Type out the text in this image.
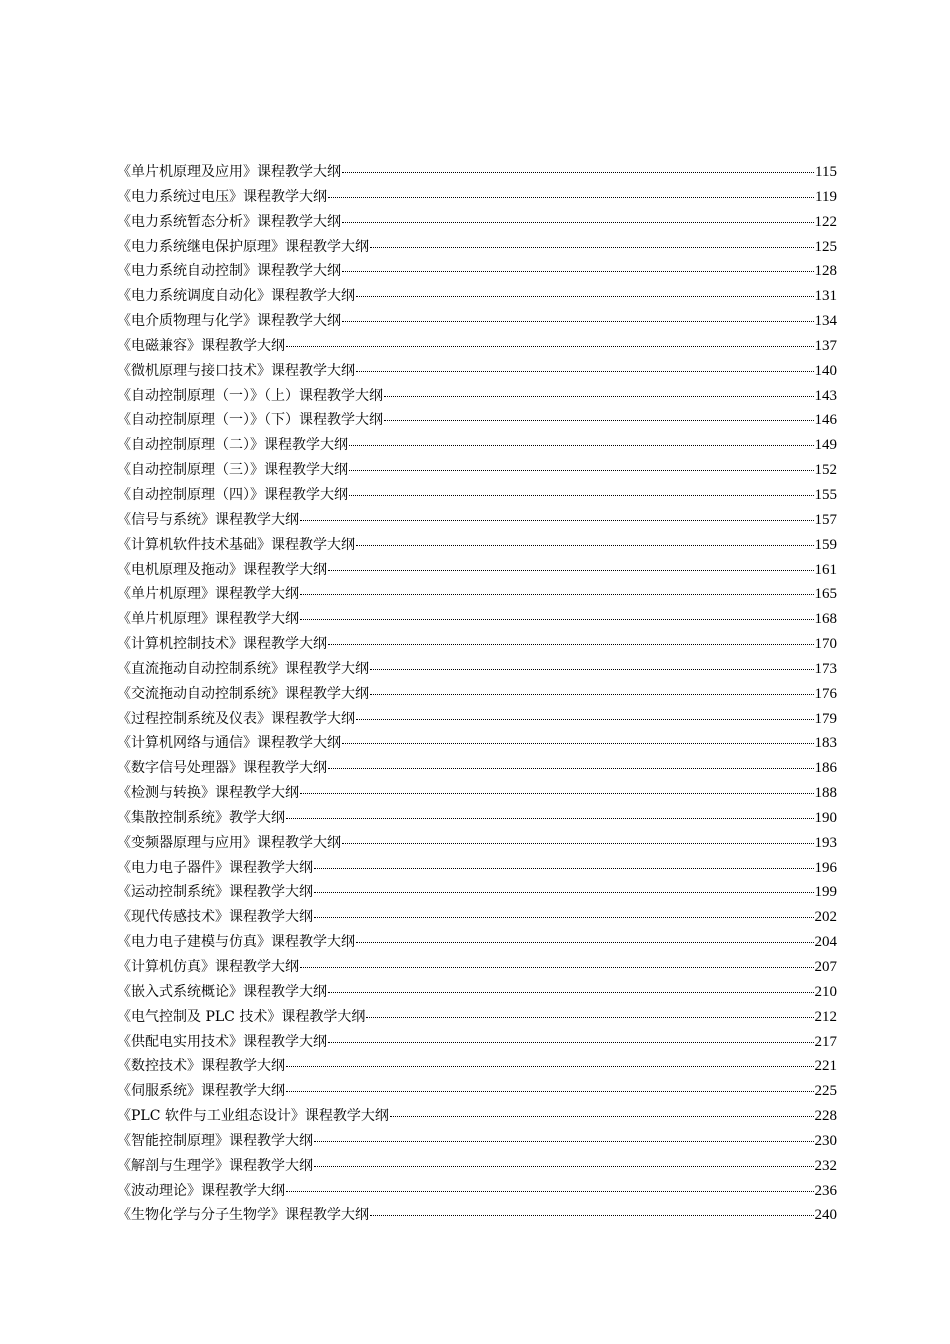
《单片机原理及应用》课程教学大纲	115
《电力系统过电压》课程教学大纲	119
《电力系统暂态分析》课程教学大纲	122
《电力系统继电保护原理》课程教学大纲	125
《电力系统自动控制》课程教学大纲	128
《电力系统调度自动化》课程教学大纲	131
《电介质物理与化学》课程教学大纲	134
《电磁兼容》课程教学大纲	137
《微机原理与接口技术》课程教学大纲	140
《自动控制原理（一）》（上）课程教学大纲	143
《自动控制原理（一）》（下）课程教学大纲	146
《自动控制原理（二）》课程教学大纲	149
《自动控制原理（三）》课程教学大纲	152
《自动控制原理（四）》课程教学大纲	155
《信号与系统》课程教学大纲	157
《计算机软件技术基础》课程教学大纲	159
《电机原理及拖动》课程教学大纲	161
《单片机原理》课程教学大纲	165
《单片机原理》课程教学大纲	168
《计算机控制技术》课程教学大纲	170
《直流拖动自动控制系统》课程教学大纲	173
《交流拖动自动控制系统》课程教学大纲	176
《过程控制系统及仪表》课程教学大纲	179
《计算机网络与通信》课程教学大纲	183
《数字信号处理器》课程教学大纲	186
《检测与转换》课程教学大纲	188
《集散控制系统》教学大纲	190
《变频器原理与应用》课程教学大纲	193
《电力电子器件》课程教学大纲	196
《运动控制系统》课程教学大纲	199
《现代传感技术》课程教学大纲	202
《电力电子建模与仿真》课程教学大纲	204
《计算机仿真》课程教学大纲	207
《嵌入式系统概论》课程教学大纲	210
《电气控制及 PLC 技术》课程教学大纲	212
《供配电实用技术》课程教学大纲	217
《数控技术》课程教学大纲	221
《伺服系统》课程教学大纲	225
《PLC 软件与工业组态设计》课程教学大纲	228
《智能控制原理》课程教学大纲	230
《解剖与生理学》课程教学大纲	232
《波动理论》课程教学大纲	236
《生物化学与分子生物学》课程教学大纲	240
